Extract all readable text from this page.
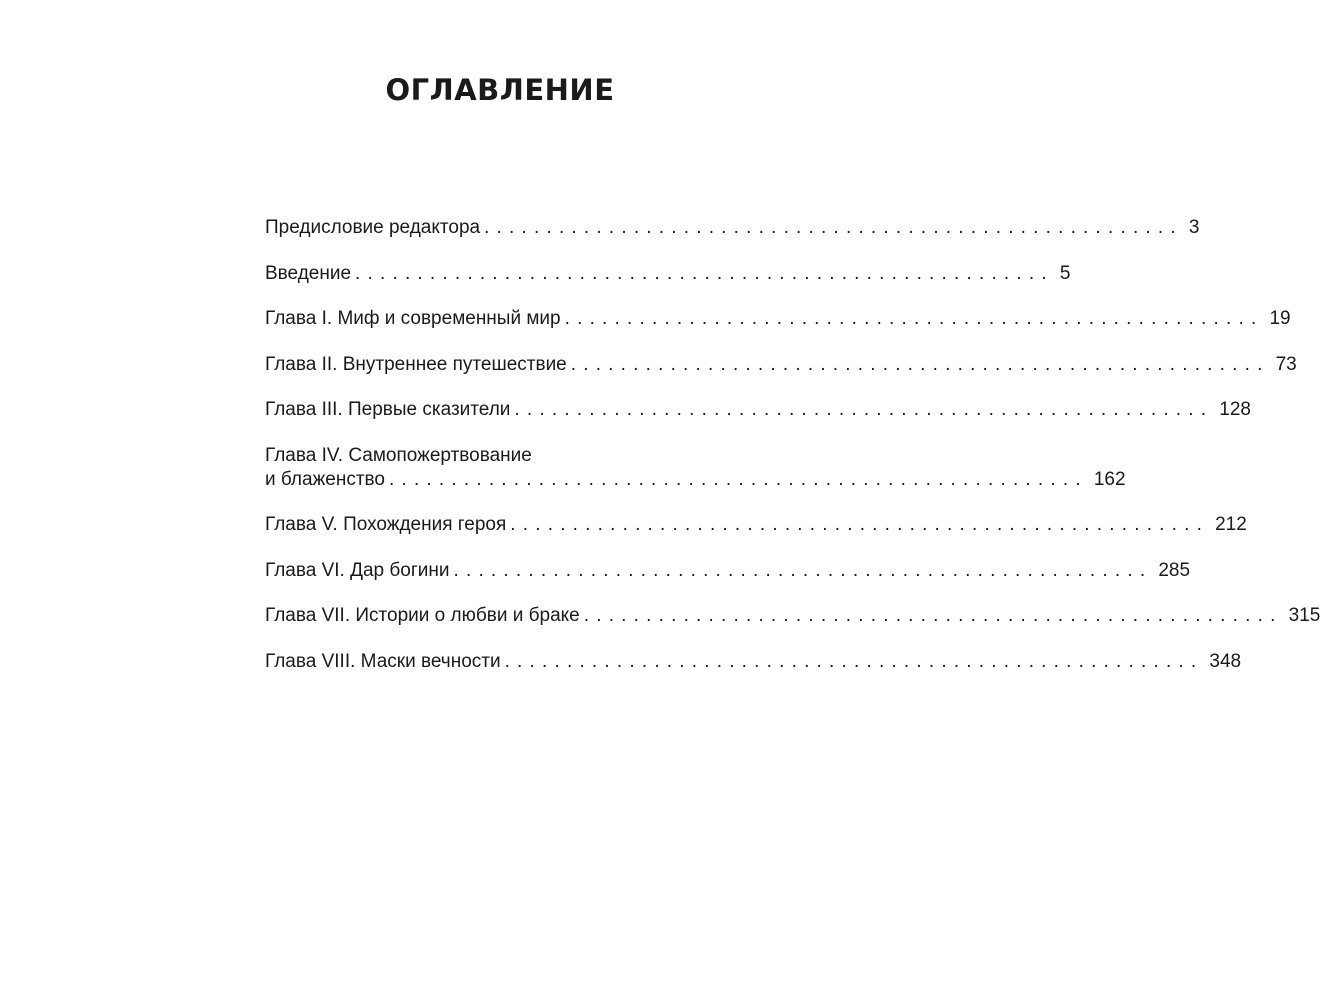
ОГЛАВЛЕНИЕ
Предисловие редактора ........................................................ 3
Введение ........................................................ 5
Глава I. Миф и современный мир ........................................................ 19
Глава II. Внутреннее путешествие ........................................................ 73
Глава III. Первые сказители ........................................................ 128
Глава IV. Самопожертвование
и блаженство ........................................................ 162
Глава V. Похождения героя ........................................................ 212
Глава VI. Дар богини ........................................................ 285
Глава VII. Истории о любви и браке ........................................................ 315
Глава VIII. Маски вечности ........................................................ 348
